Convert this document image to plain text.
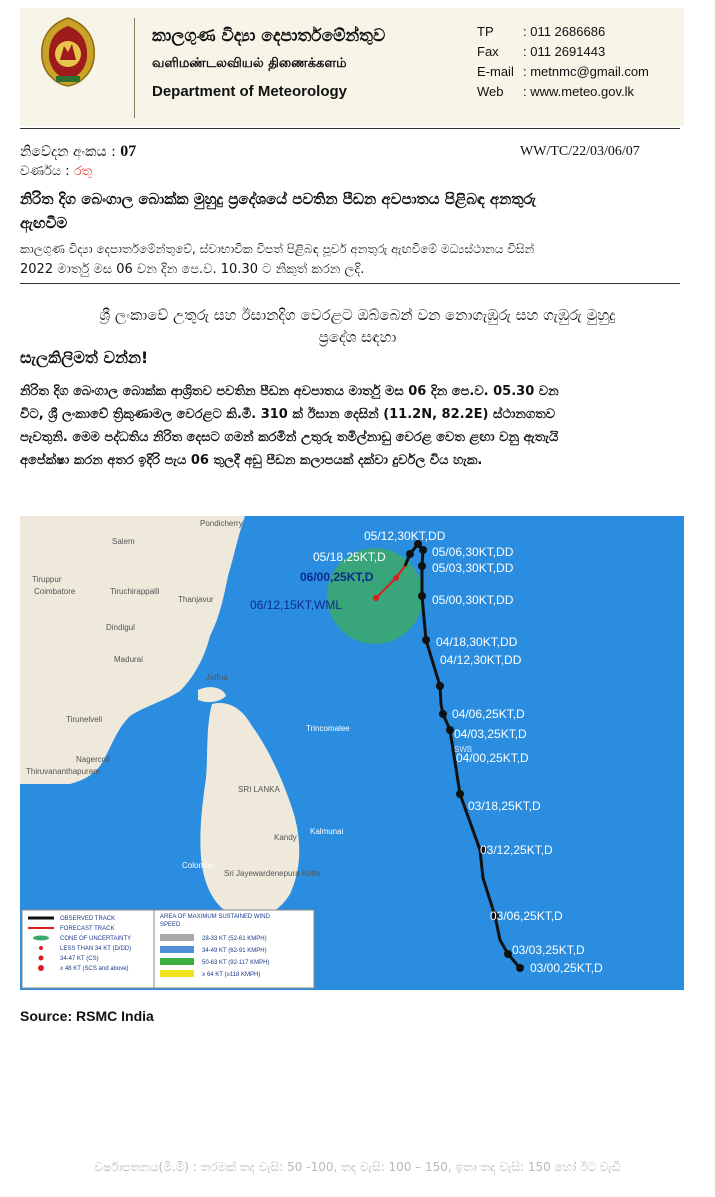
කාලගුණ විද්‍යා දෙපාර්තමේන්තුව
வளிமண்டலவியல் திணைக்களம்
Department of Meteorology
TP	: 011 2686686
Fax	: 011 2691443
E-mail : metnmc@gmail.com
Web	: www.meteo.gov.lk
නිවේදන අංකය : 07	WW/TC/22/03/06/07
වර්ණය : රතු
නිරිත දිග බෙංගාල බොක්ක මුහුදු ප්‍රදේශයේ පවතින පීඩන අවපාතය පිළිබඳ අනතුරු
ඇඟවීම
කාලගුණ විද්‍යා දෙපාර්තමේන්තුවේ, ස්වාභාවික විපත් පිළිබඳ පූර්ව අනතුරු ඇඟවීමේ මධ්‍යස්ථානය විසින්
2022 මාර්තු මස 06 වන දින පෙ.ව. 10.30 ට නිකුත් කරන ලදි.
ශ්‍රී ලංකාවේ උතුරු සහ ඊසානදිග වෙරළට ඔබ්බෙන් වන නොගැඹුරු සහ ගැඹුරු මුහුදු
ප්‍රදේශ සඳහා
සැලකිලිමත් වන්න!
නිරිත දිග බෙංගාල බොක්ක ආශ්‍රිතව පවතින පීඩන අවපාතය මාර්තු මස 06 දින පෙ.ව. 05.30 වන
විට, ශ්‍රී ලංකාවේ ත්‍රිකුණාමල වෙරළට කි.මී. 310 ක් ඊසාන දෙසින් (11.2N, 82.2E) ස්ථානගතව
පැවතුනි. මෙම පද්ධතිය නිරිත දෙසට ගමන් කරමින් උතුරු තමිල්නාඩු වෙරළ වෙත ළඟා වනු ඇතැයි
අපේක්ෂා කරන අතර ඉදිරි පැය 06 තුලදී අඩු පීඩන කලාපයක් දක්වා දුර්වල විය හැක.
Pondicherry
Salem
Tiruppur
Coimbatore	Tiruchirappalli
Thanjavur
Dindigul
Madurai
Tirunelveli
Nagercoil
Thiruvananthapuram
Jaffna
Trincomalee
SRI LANKA
Kandy
Kalmunai
Colombo
Sri Jayewardenepura Kotte
SWB
05/12,30KT,DD
05/18,25KT,D
06/00,25KT,D
06/12,15KT,WML
05/06,30KT,DD
05/03,30KT,DD
05/00,30KT,DD
04/18,30KT,DD
04/12,30KT,DD
04/06,25KT,D
04/03,25KT,D
04/00,25KT,D
03/18,25KT,D
03/12,25KT,D
03/06,25KT,D
03/03,25KT,D
03/00,25KT,D
OBSERVED TRACK
FORECAST TRACK
CONE OF UNCERTAINTY
LESS THAN 34 KT (D/DD)
34-47 KT (CS)
≥ 48 KT (SCS and above)
AREA OF MAXIMUM SUSTAINED WIND
SPEED
28-33 KT (52-61 KMPH)
34-49 KT (62-91 KMPH)
50-63 KT (92-117 KMPH)
≥ 64 KT (≥118 KMPH)
Source: RSMC India
වර්ෂාපතනය(මි.මී) : තරමක් තද වැසි: 50 -100, තද වැසි: 100 – 150, ඉතා තද වැසි: 150 හෝ ඊට වැඩි
